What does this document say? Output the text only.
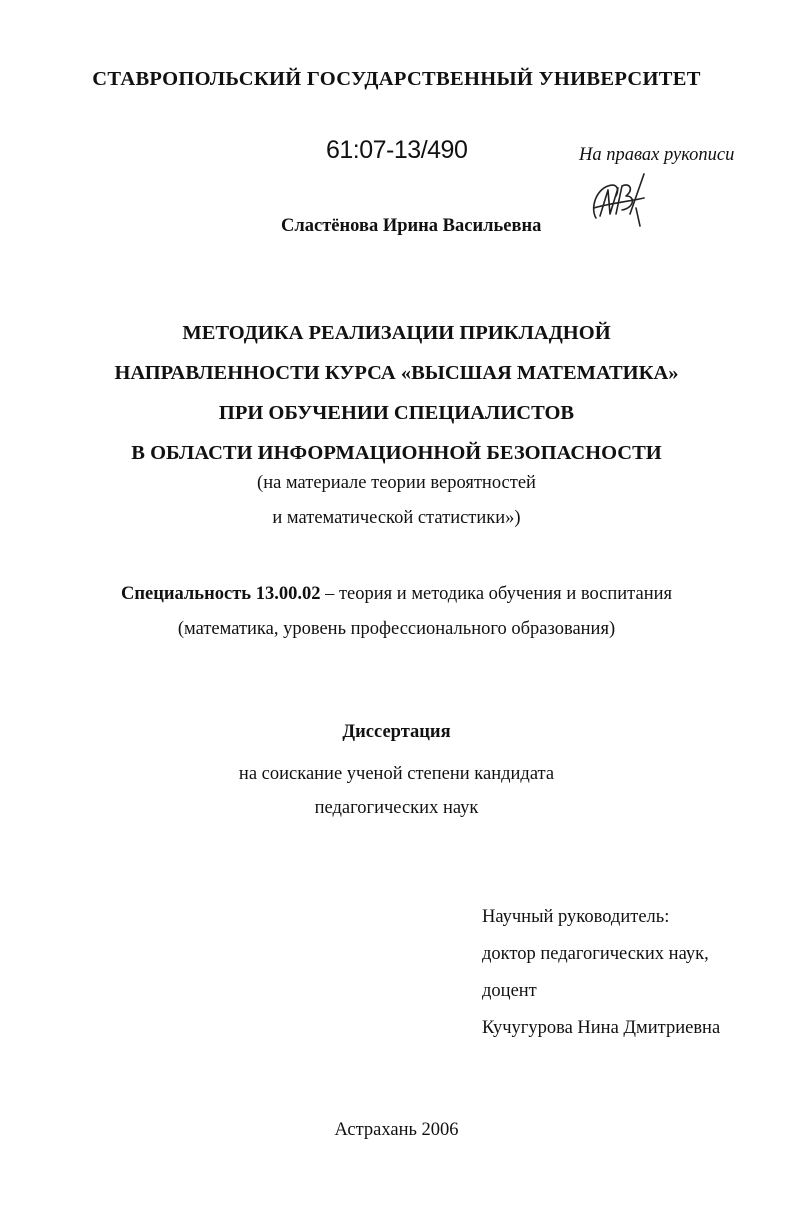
СТАВРОПОЛЬСКИЙ ГОСУДАРСТВЕННЫЙ УНИВЕРСИТЕТ
61:07-13/490	На правах рукописи
Сластёнова Ирина Васильевна
МЕТОДИКА РЕАЛИЗАЦИИ ПРИКЛАДНОЙ
НАПРАВЛЕННОСТИ КУРСА «ВЫСШАЯ МАТЕМАТИКА»
ПРИ ОБУЧЕНИИ СПЕЦИАЛИСТОВ
В ОБЛАСТИ ИНФОРМАЦИОННОЙ БЕЗОПАСНОСТИ
(на материале теории вероятностей
и математической статистики»)
Специальность 13.00.02 – теория и методика обучения и воспитания
(математика, уровень профессионального образования)
Диссертация
на соискание ученой степени кандидата
педагогических наук
Научный руководитель:
доктор педагогических наук,
доцент
Кучугурова Нина Дмитриевна
Астрахань 2006
